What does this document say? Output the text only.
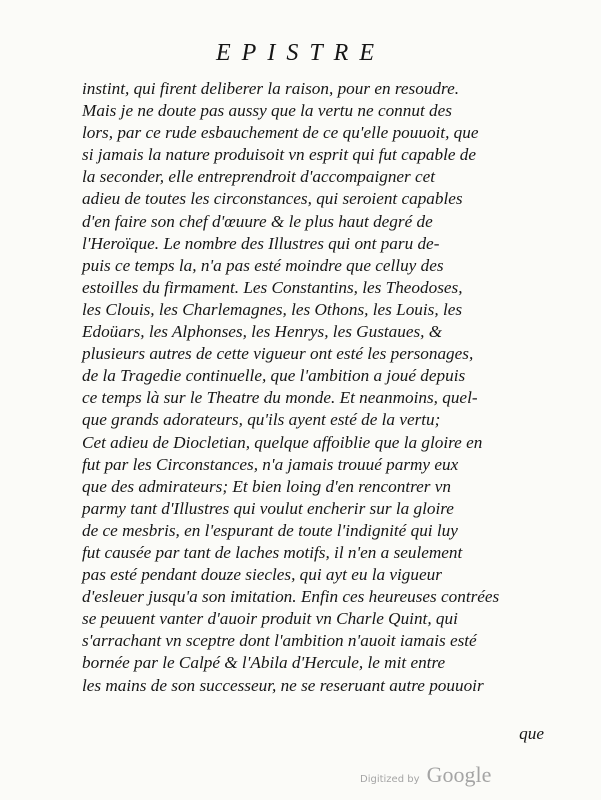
EPISTRE
instint, qui firent deliberer la raison, pour en resoudre.
Mais je ne doute pas aussy que la vertu ne connut des
lors, par ce rude esbauchement de ce qu'elle pouuoit, que
si jamais la nature produisoit vn esprit qui fut capable de
la seconder, elle entreprendroit d'accompaigner cet
adieu de toutes les circonstances, qui seroient capables
d'en faire son chef d'œuure & le plus haut degré de
l'Heroïque. Le nombre des Illustres qui ont paru de-
puis ce temps la, n'a pas esté moindre que celluy des
estoilles du firmament. Les Constantins, les Theodoses,
les Clouis, les Charlemagnes, les Othons, les Louis, les
Edoüars, les Alphonses, les Henrys, les Gustaues, &
plusieurs autres de cette vigueur ont esté les personages,
de la Tragedie continuelle, que l'ambition a joué depuis
ce temps là sur le Theatre du monde. Et neanmoins, quel-
que grands adorateurs, qu'ils ayent esté de la vertu;
Cet adieu de Diocletian, quelque affoiblie que la gloire en
fut par les Circonstances, n'a jamais trouué parmy eux
que des admirateurs; Et bien loing d'en rencontrer vn
parmy tant d'Illustres qui voulut encherir sur la gloire
de ce mesbris, en l'espurant de toute l'indignité qui luy
fut causée par tant de laches motifs, il n'en a seulement
pas esté pendant douze siecles, qui ayt eu la vigueur
d'esleuer jusqu'a son imitation. Enfin ces heureuses contrées
se peuuent vanter d'auoir produit vn Charle Quint, qui
s'arrachant vn sceptre dont l'ambition n'auoit iamais esté
bornée par le Calpé & l'Abila d'Hercule, le mit entre
les mains de son successeur, ne se reseruant autre pouuoir
que
Digitized by Google
